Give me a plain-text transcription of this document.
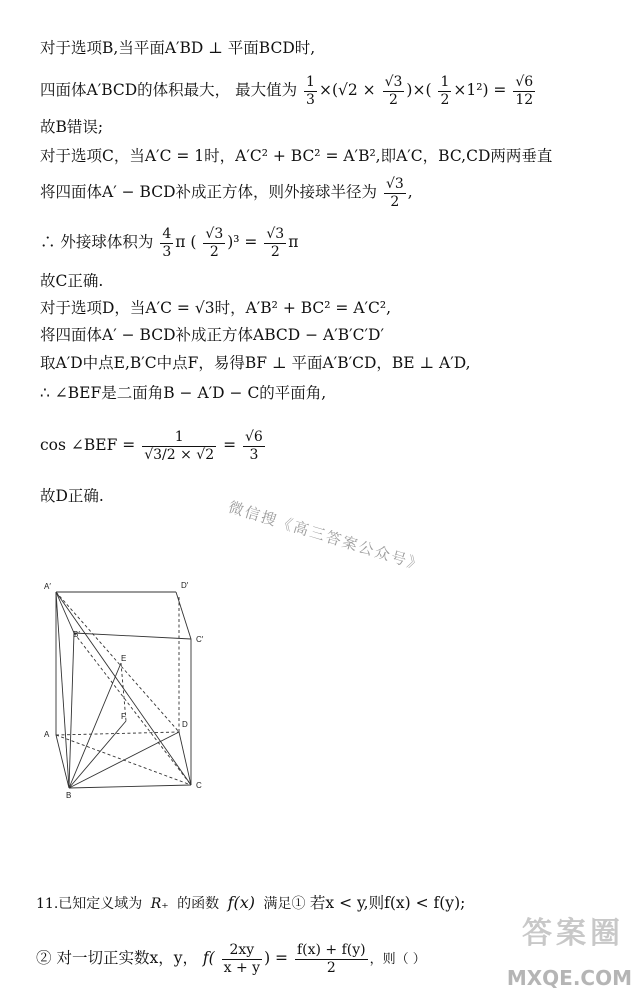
对于选项B,当平面A′BD ⊥ 平面BCD时,
四面体A′BCD的体积最大， 最大值为 $\frac{1}{3} \times(√2 \times \frac{√3}{2}$ )×( $\frac{1}{2} \times 1^2) = \frac{√6}{12}$
故B错误;
对于选项C，当A′C = 1时，A′C² + BC² = A′B²,即A′C，BC,CD两两垂直
将四面体A′ − BCD补成正方体，则外接球半径为 $\frac{√3}{2}$ ,
∴ 外接球体积为 $\frac{4}{3}$ π ( $\frac{√3}{2} )^3 = \frac{√3}{2}$ π
故C正确.
对于选项D，当A′C = √3时，A′B² + BC² = A′C²,
将四面体A′ − BCD补成正方体ABCD − A′B′C′D′
取A′D中点E,B′C中点F，易得BF ⊥ 平面A′B′CD，BE ⊥ A′D,
∴ ∠BEF是二面角B − A′D − C的平面角,
cos ∠BEF = $\frac{1}{√3/2 \times √2} = \frac{√6}{3}$
故D正确.
微信搜《高三答案公众号》
A′	D′
B′
C′
E
F
A
D
B
C
11.已知定义域为 R₊ 的函数 f(x) 满足① 若x < y,则f(x) < f(y);
② 对一切正实数x，y， $f( \frac{2xy}{x + y}$ ) = $\frac{f(x) + f(y)}{2}$ ，则（ ）
答案圈
MXQE.COM
